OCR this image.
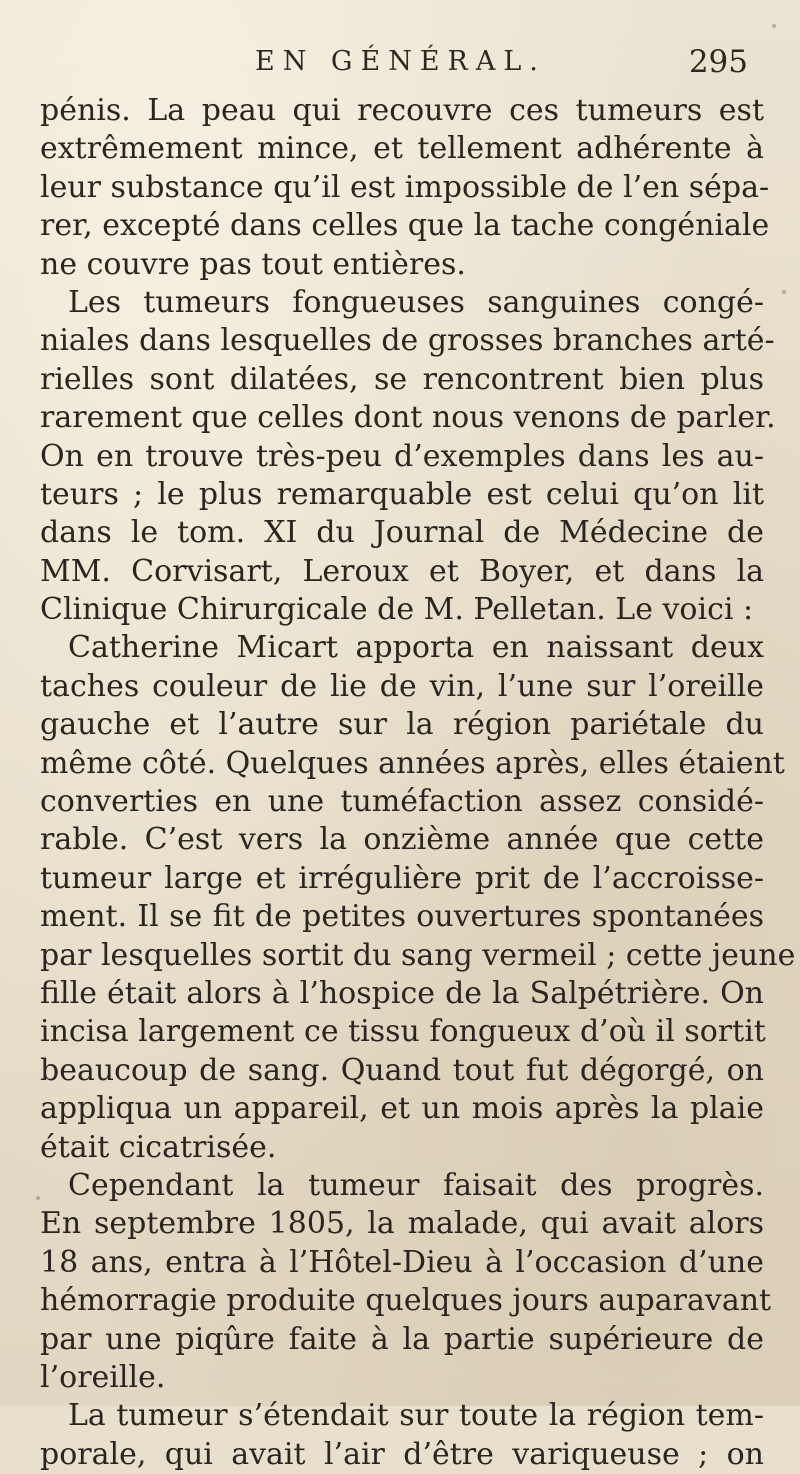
EN GÉNÉRAL.	295
pénis. La peau qui recouvre ces tumeurs est
extrêmement mince, et tellement adhérente à
leur substance qu’il est impossible de l’en sépa-
rer, excepté dans celles que la tache congéniale
ne couvre pas tout entières.
Les tumeurs fongueuses sanguines congé-
niales dans lesquelles de grosses branches arté-
rielles sont dilatées, se rencontrent bien plus
rarement que celles dont nous venons de parler.
On en trouve très-peu d’exemples dans les au-
teurs ; le plus remarquable est celui qu’on lit
dans le tom. XI du Journal de Médecine de
MM. Corvisart, Leroux et Boyer, et dans la
Clinique Chirurgicale de M. Pelletan. Le voici :
Catherine Micart apporta en naissant deux
taches couleur de lie de vin, l’une sur l’oreille
gauche et l’autre sur la région pariétale du
même côté. Quelques années après, elles étaient
converties en une tuméfaction assez considé-
rable. C’est vers la onzième année que cette
tumeur large et irrégulière prit de l’accroisse-
ment. Il se fit de petites ouvertures spontanées
par lesquelles sortit du sang vermeil ; cette jeune
fille était alors à l’hospice de la Salpétrière. On
incisa largement ce tissu fongueux d’où il sortit
beaucoup de sang. Quand tout fut dégorgé, on
appliqua un appareil, et un mois après la plaie
était cicatrisée.
Cependant la tumeur faisait des progrès.
En septembre 1805, la malade, qui avait alors
18 ans, entra à l’Hôtel-Dieu à l’occasion d’une
hémorragie produite quelques jours auparavant
par une piqûre faite à la partie supérieure de
l’oreille.
La tumeur s’étendait sur toute la région tem-
porale, qui avait l’air d’être variqueuse ; on
